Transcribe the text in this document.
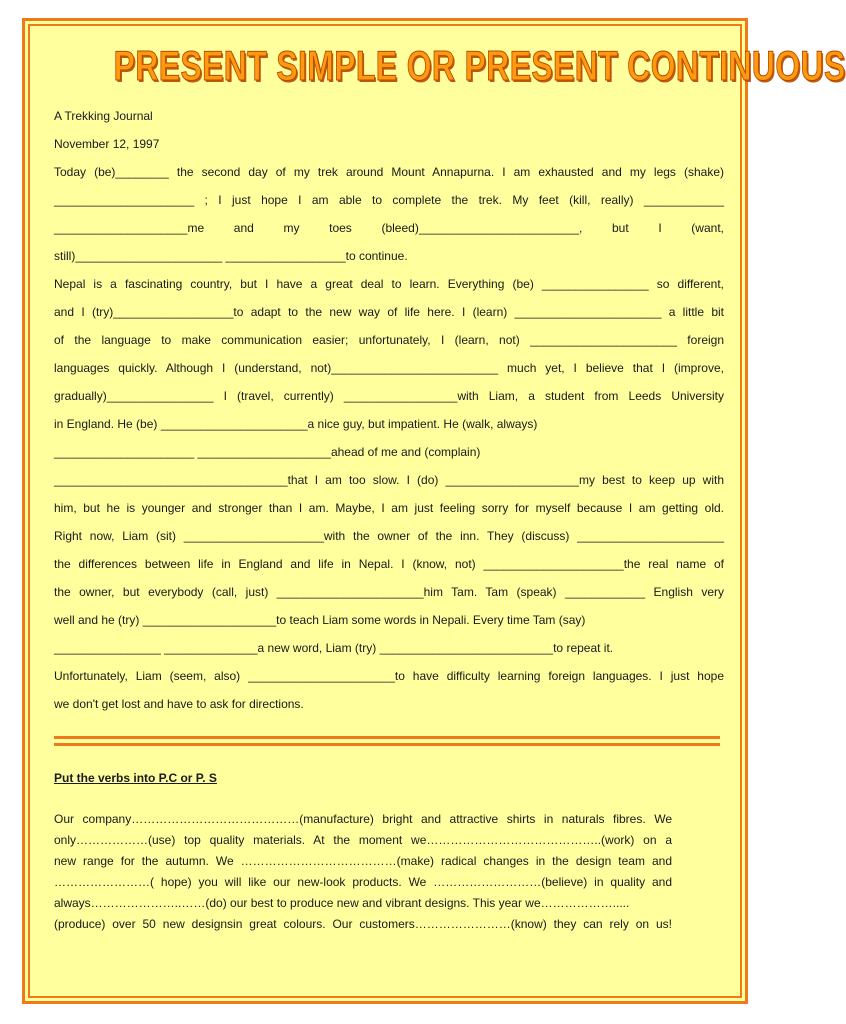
PRESENT SIMPLE OR PRESENT CONTINUOUS
A Trekking Journal
November 12, 1997
Today (be)________ the second day of my trek around Mount Annapurna. I am exhausted and my legs (shake)
_____________________ ; I just hope I am able to complete the trek. My feet (kill, really) ____________
____________________me and my toes (bleed)________________________, but I (want,
still)______________________ __________________to continue.
Nepal is a fascinating country, but I have a great deal to learn. Everything (be) ________________ so different,
and I (try)__________________to adapt to the new way of life here. I (learn) ______________________ a little bit
of the language to make communication easier; unfortunately, I (learn, not) ______________________ foreign
languages quickly. Although I (understand, not)_________________________ much yet, I believe that I (improve,
gradually)________________ I (travel, currently) _________________with Liam, a student from Leeds University
in England. He (be) ______________________a nice guy, but impatient. He (walk, always)
_____________________ ____________________ahead of me and (complain)
___________________________________that I am too slow. I (do) ____________________my best to keep up with
him, but he is younger and stronger than I am. Maybe, I am just feeling sorry for myself because I am getting old.
Right now, Liam (sit) _____________________with the owner of the inn. They (discuss) ______________________
the differences between life in England and life in Nepal. I (know, not) _____________________the real name of
the owner, but everybody (call, just) ______________________him Tam. Tam (speak) ____________ English very
well and he (try) ____________________to teach Liam some words in Nepali. Every time Tam (say)
________________ ______________a new word, Liam (try) __________________________to repeat it.
Unfortunately, Liam (seem, also) ______________________to have difficulty learning foreign languages. I just hope
we don't get lost and have to ask for directions.
Put the verbs into P.C or P. S
Our company……………………………………(manufacture) bright and attractive shirts in naturals fibres. We
only………………(use) top quality materials. At the moment we……………………………………..(work) on a
new range for the autumn. We …………………………………(make) radical changes in the design team and
……………………( hope) you will like our new-look products. We ………………………(believe) in quality and
always…………………..……(do) our best to produce new and vibrant designs. This year we……………….....
(produce) over 50 new designsin great colours. Our customers……………………(know) they can rely on us!
